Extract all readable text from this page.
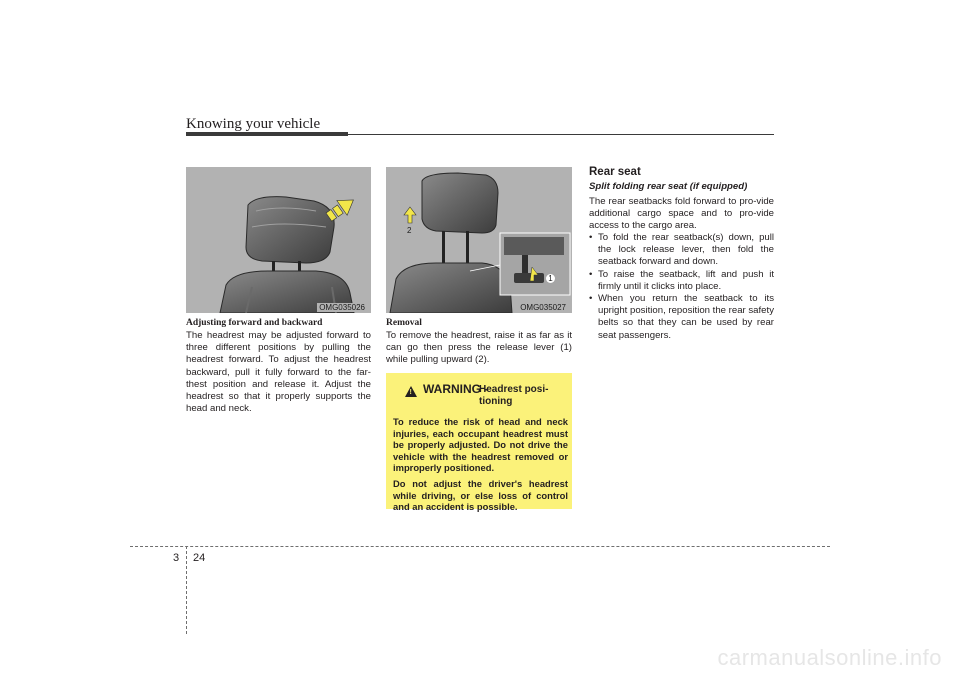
Knowing your vehicle
OMG035026
2
1
OMG035027
Adjusting forward and backward
The headrest may be adjusted forward to three different positions by pulling the headrest forward. To adjust the headrest backward, pull it fully forward to the far-thest position and release it. Adjust the headrest so that it properly supports the head and neck.
Removal
To remove the headrest, raise it as far as it can go then press the release lever (1) while pulling upward (2).
! WARNING -
Headrest posi-tioning

To reduce the risk of head and neck injuries, each occupant headrest must be properly adjusted. Do not drive the vehicle with the headrest removed or improperly positioned.

Do not adjust the driver's headrest while driving, or else loss of control and an accident is possible.

Rear seat
Split folding rear seat (if equipped)
The rear seatbacks fold forward to pro-vide additional cargo space and to pro-vide access to the cargo area.
• To fold the rear seatback(s) down, pull the lock release lever, then fold the seatback forward and down.
• To raise the seatback, lift and push it firmly until it clicks into place.
• When you return the seatback to its upright position, reposition the rear safety belts so that they can be used by rear seat passengers.
3 24
carmanualsonline.info
